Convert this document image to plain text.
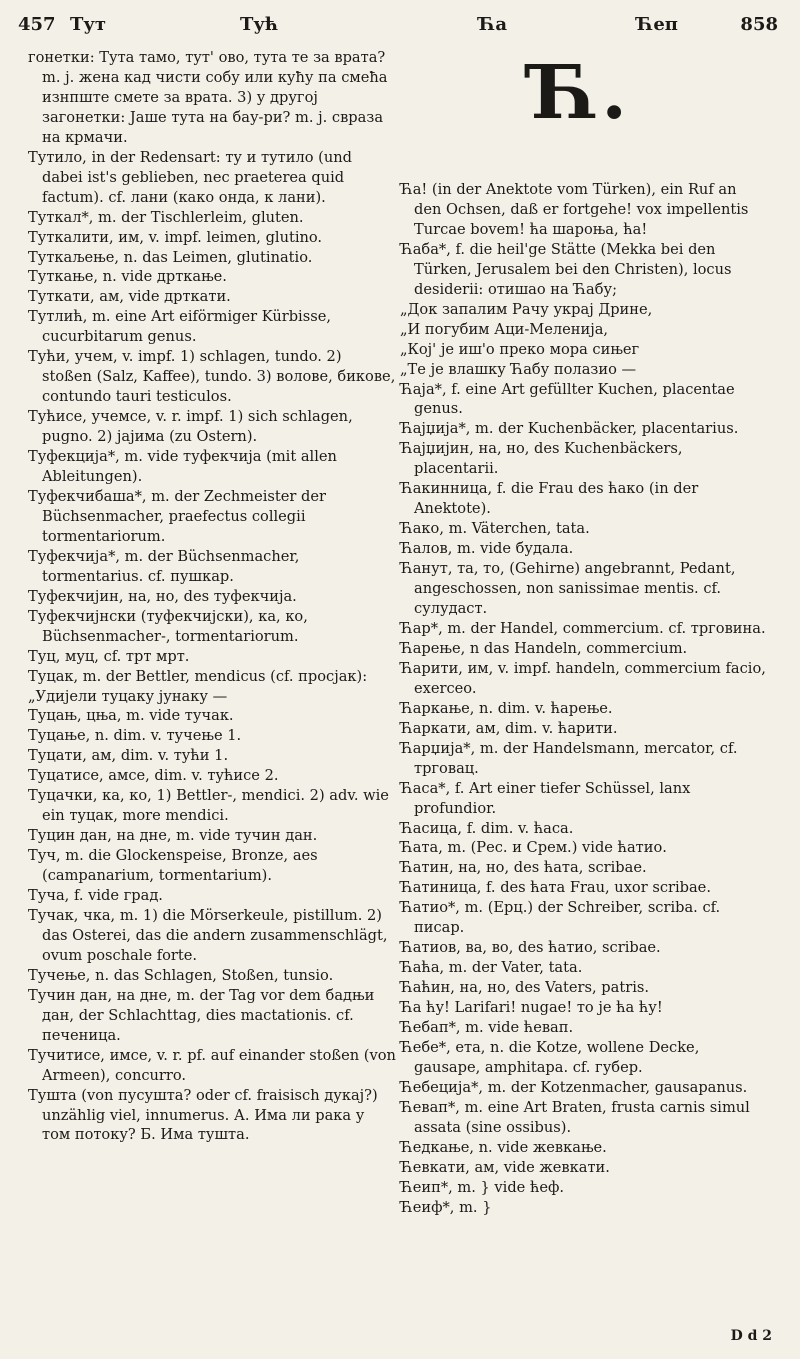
457 Тут	Тућ	Ћа	Ћеп	858

гонетки: Тута тамо, тут' ово, тута те за врата? m. j. жена кад чисти собу или куħу па смеħа изнпште смете за врата. 3) у другој загонетки: Јаше тута на бау-ри? m. j. свраза на крмачи.

Тутило, in der Redensart: ту и тутило (und dabei ist's geblieben, nec praeterea quid factum). cf. лани (како онда, к лани).

Туткал*, m. der Tischlerleim, gluten.

Туткалити, им, v. impf. leimen, glutino.

Туткаљење, n. das Leimen, glutinatio.

Туткање, n. vide дрткање.

Туткати, ам, vide дрткати.

Тутлић, m. eine Art eiförmiger Kürbisse, cucurbitarum genus.

Тући, учем, v. impf. 1) schlagen, tundo. 2) stoßen (Salz, Kaffee), tundo. 3) волове, бикове, contundo tauri testiculos.

Тућисе, учемсе, v. r. impf. 1) sich schlagen, pugno. 2) jajима (zu Ostern).

Туфекција*, m. vide туфекчија (mit allen Ableitungen).

Туфекчибаша*, m. der Zechmeister der Büchsenmacher, praefectus collegii tormentariorum.

Туфекчија*, m. der Büchsenmacher, tormentarius. cf. пушкар.

Туфекчијин, на, но, des туфекчија.

Туфекчијнски (туфекчијски), ка, ко, Büchsenmacher-, tormentariorum.

Туц, муц, cf. трт мрт.

Туцак, m. der Bettler, mendicus (cf. просјак):

„Удијели туцаку јунаку —

Туцањ, цња, m. vide тучак.

Туцање, n. dim. v. тучење 1.

Туцати, ам, dim. v. тући 1.

Туцатисе, амсе, dim. v. тућисе 2.

Туцачки, ка, ко, 1) Bettler-, mendici. 2) adv. wie ein туцак, more mendici.

Туцин дан, на дне, m. vide тучин дан.

Туч, m. die Glockenspeise, Bronze, aes (campanarium, tormentarium).

Туча, f. vide град.

Тучак, чка, m. 1) die Mörserkeule, pistillum. 2) das Osterei, das die andern zusammenschlägt, ovum poschale forte.

Тучење, n. das Schlagen, Stoßen, tunsio.

Тучин дан, на дне, m. der Tag vor dem бадњи дан, der Schlachttag, dies mactationis. cf. печеница.

Тучитисе, имсе, v. r. pf. auf einander stoßen (von Armeen), concurro.

Тушта (von пусушта? oder cf. fraisisch дукај?) unzählig viel, innumerus. А. Има ли рака у том потоку? Б. Има тушта.

Ћ.

Ћа! (in der Anektote vom Türken), ein Ruf an den Ochsen, daß er fortgehe! vox impellentis Turcae bovem! ћа шароња, ћа!

Ћаба*, f. die heil'ge Stätte (Mekka bei den Türken, Jerusalem bei den Christen), locus desiderii: отишао на Ћабу;

„Док запалим Рачу украј Дрине,

„И погубим Аци-Меленија,

„Кој' је иш'о преко мора сињег

„Те је влашку Ћабу полазио —

Ћаја*, f. eine Art gefüllter Kuchen, placentae genus.

Ћајџија*, m. der Kuchenbäcker, placentarius.

Ћајџијин, на, но, des Kuchenbäckers, placentarii.

Ћакинница, f. die Frau des ћако (in der Anektote).

Ћако, m. Väterchen, tata.

Ћалов, m. vide будала.

Ћанут, та, то, (Gehirne) angebrannt, Pedant, angeschossen, non sanissimae mentis. cf. сулудаст.

Ћар*, m. der Handel, commercium. cf. трговина.

Ћарење, n das Handeln, commercium.

Ћарити, им, v. impf. handeln, commercium facio, exerceo.

Ћаркање, n. dim. v. ћарење.

Ћаркати, ам, dim. v. ћарити.

Ћарџија*, m. der Handelsmann, mercator, cf. трговац.

Ћаса*, f. Art einer tiefer Schüssel, lanx profundior.

Ћасица, f. dim. v. ћаса.

Ћата, m. (Рес. и Срем.) vide ћатио.

Ћатин, на, но, des ћата, scribae.

Ћатиница, f. des ћата Frau, uxor scribae.

Ћатио*, m. (Ерц.) der Schreiber, scriba. cf. писар.

Ћатиов, ва, во, des ћатио, scribae.

Ћаћа, m. der Vater, tata.

Ћаћин, на, но, des Vaters, patris.

Ћа ћу! Larifari! nugae! то је ћа ћу!

Ћебап*, m. vide ћевап.

Ћебе*, ета, n. die Kotze, wollene Decke, gausape, amphitapa. cf. губер.

Ћебеција*, m. der Kotzenmacher, gausapanus.

Ћевап*, m. eine Art Braten, frusta carnis simul assata (sine ossibus).

Ћедкање, n. vide жевкање.

Ћевкати, ам, vide жевкати.

Ћеип*, m. } vide ћеф.

Ћеиф*, m. }

D d 2
